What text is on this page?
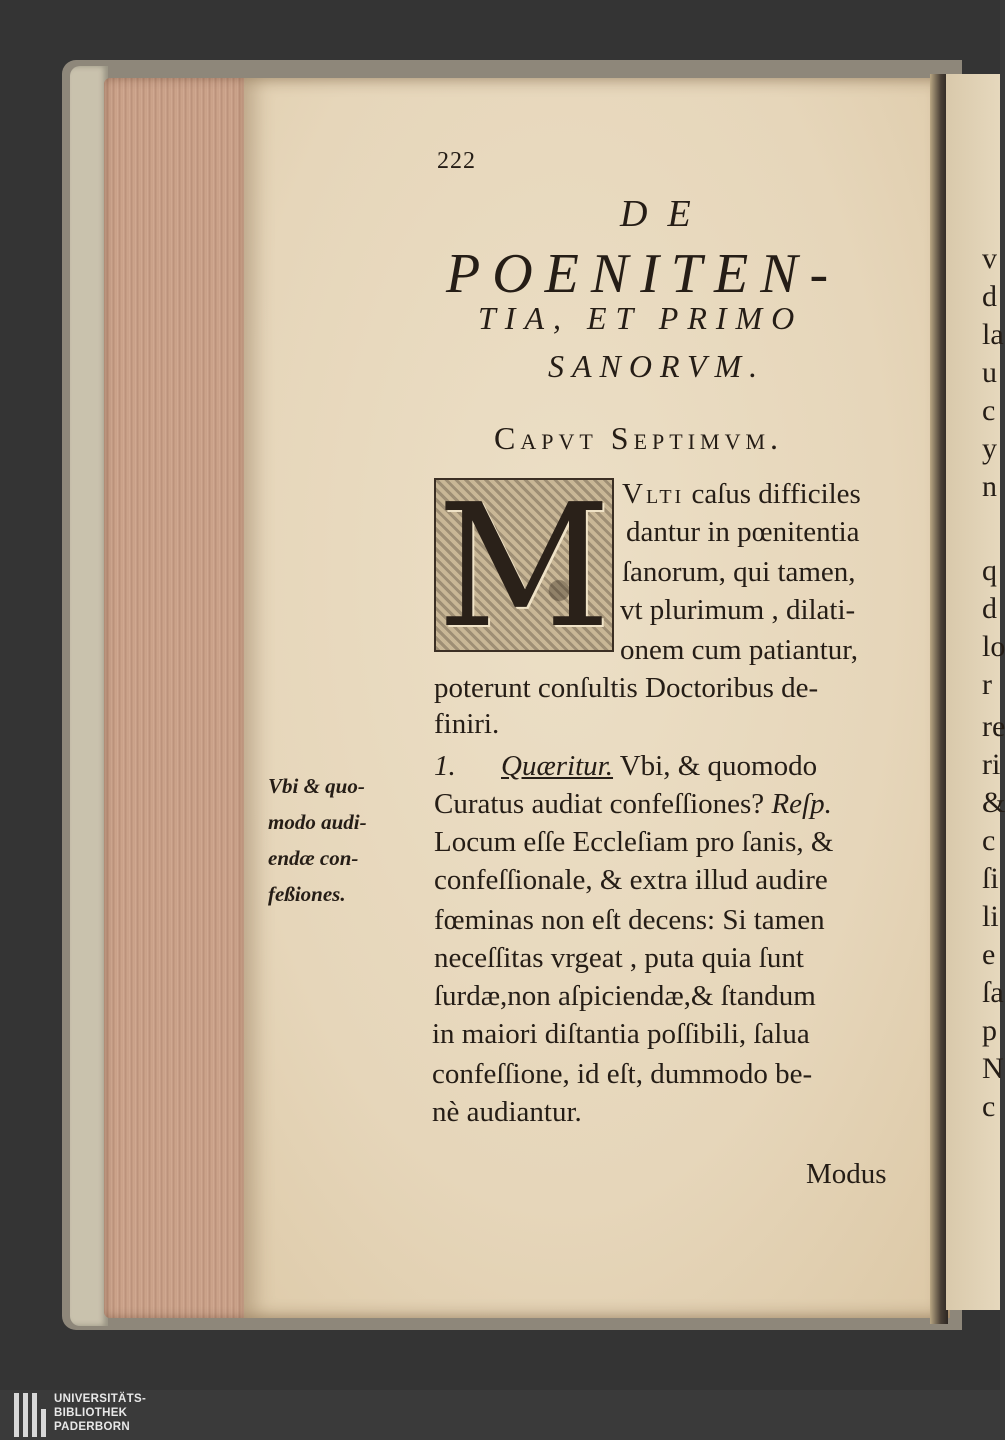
v
d
la
u
c
y
n
q
d
lo
r
re
ri
&
c
ſi
li
e
ſa
p
N
c
222
DE
POENITEN-
TIA, ET PRIMO
SANORVM.
Capvt Septimvm.
M Vlti caſus difficiles
dantur in pœnitentia
ſanorum, qui tamen,
vt plurimum , dilati-
onem cum patiantur,
poterunt conſultis Doctoribus de-
finiri.
1. Quæritur. Vbi, & quomodo
Curatus audiat confeſſiones? Reſp.
Locum eſſe Eccleſiam pro ſanis, &
confeſſionale, & extra illud audire
fœminas non eſt decens: Si tamen
neceſſitas vrgeat , puta quia ſunt
ſurdæ,non aſpiciendæ,& ſtandum
in maiori diſtantia poſſibili, ſalua
confeſſione, id eſt, dummodo be-
nè audiantur.
Vbi & quo-
modo audi-
endæ con-
feßiones.
Modus
UNIVERSITÄTS-
BIBLIOTHEK
PADERBORN
